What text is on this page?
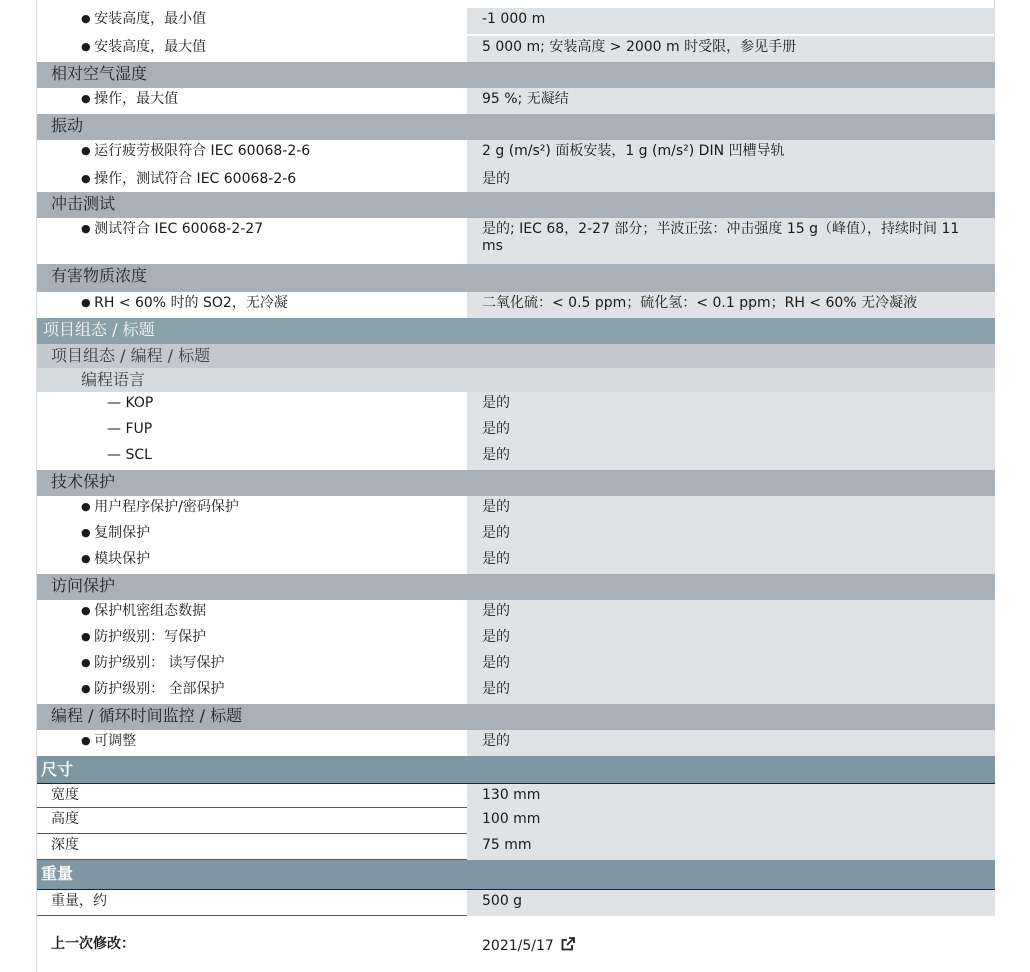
● 安装高度，最小值	-1 000 m
● 安装高度，最大值	5 000 m; 安装高度 > 2000 m 时受限，参见手册
相对空气湿度
● 操作，最大值	95 %; 无凝结
振动
● 运行疲劳极限符合 IEC 60068-2-6	2 g (m/s²) 面板安装，1 g (m/s²) DIN 凹槽导轨
● 操作，测试符合 IEC 60068-2-6	是的
冲击测试
● 测试符合 IEC 60068-2-27	是的; IEC 68，2-27 部分；半波正弦：冲击强度 15 g（峰值），持续时间 11 ms
有害物质浓度
● RH < 60% 时的 SO2，无冷凝	二氧化硫：< 0.5 ppm；硫化氢：< 0.1 ppm；RH < 60% 无冷凝液
项目组态 / 标题
项目组态 / 编程 / 标题
编程语言
— KOP	是的
— FUP	是的
— SCL	是的
技术保护
● 用户程序保护/密码保护	是的
● 复制保护	是的
● 模块保护	是的
访问保护
● 保护机密组态数据	是的
● 防护级别：写保护	是的
● 防护级别： 读写保护	是的
● 防护级别： 全部保护	是的
编程 / 循环时间监控 / 标题
● 可调整	是的
尺寸
宽度	130 mm
高度	100 mm
深度	75 mm
重量
重量，约	500 g
上一次修改：	2021/5/17
